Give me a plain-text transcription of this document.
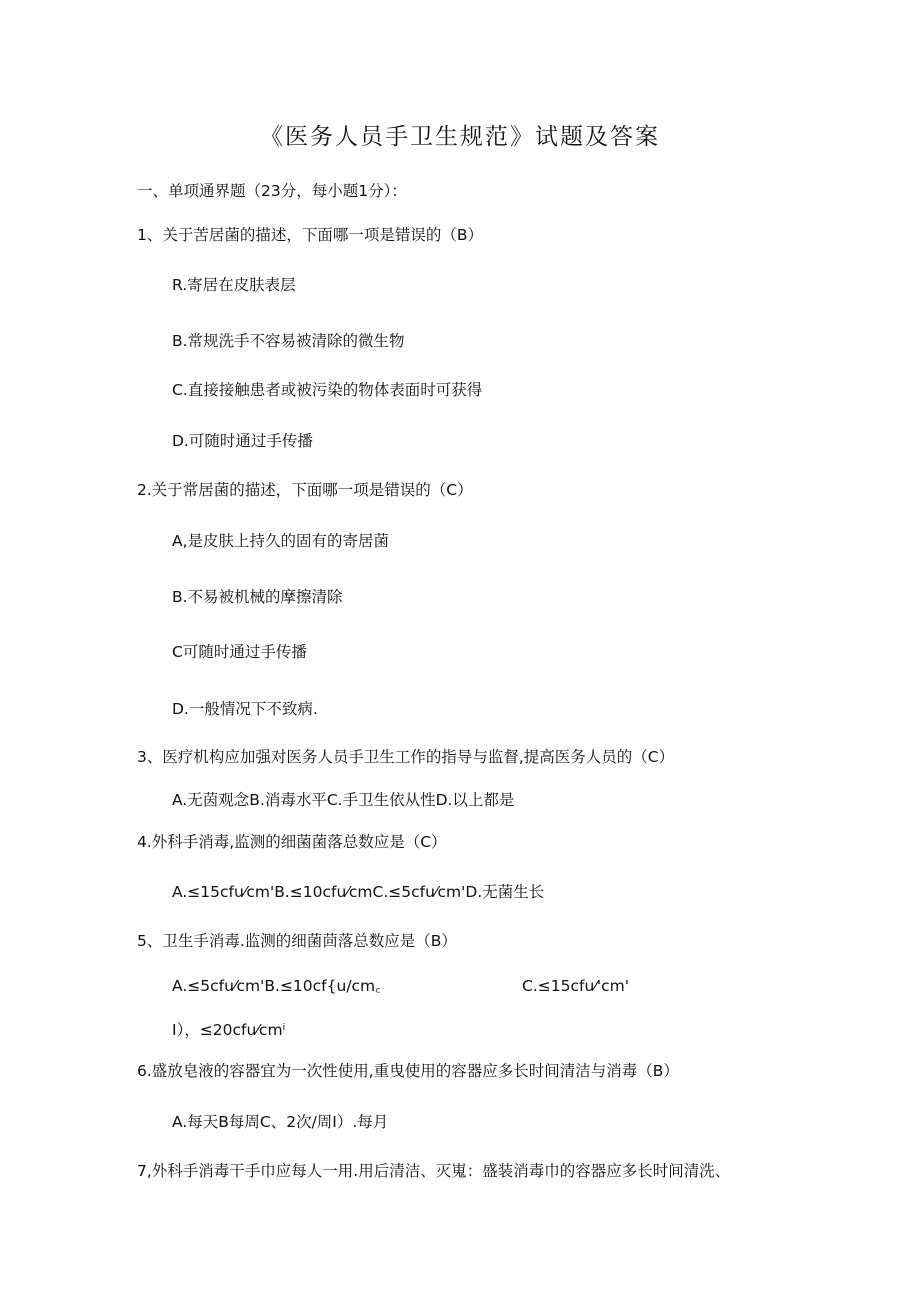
《医务人员手卫生规范》试题及答案
一、单项通界题（23分，每小题1分）：
1、关于苦居菌的描述，下面哪一项是错误的（B）
R.寄居在皮肤表层
B.常规洗手不容易被清除的微生物
C.直接接触患者或被污染的物体表面时可获得
D.可随时通过手传播
2.关于常居菌的描述，下面哪一项是错误的（C）
A,是皮肤上持久的固有的寄居菌
B.不易被机械的摩擦清除
C可随时通过手传播
D.一般情况下不致病.
3、医疗机构应加强对医务人员手卫生工作的指导与监督,提高医务人员的（C）
A.无茵观念B.消毒水平C.手卫生依从性D.以上都是
4.外科手消毒,监测的细菌菌落总数应是（C）
A.≤15cfu⁄cm'B.≤10cfu⁄cmC.≤5cfu⁄cm'D.无菌生长
5、卫生手消毒.监测的细菌茴落总数应是（B）
A.≤5cfu⁄cm'B.≤10cf{u/cm꜀	C.≤15cfu⁄'cm'
I），≤20cfu⁄cmⁱ
6.盛放皂液的容器宜为一次性使用,重曳使用的容器应多长时间清洁与消毒（B）
A.每天B每周C、2次/周I）.每月
7,外科手消毒干手巾应每人一用.用后清洁、灭嵬：盛装消毒巾的容器应多长时间清洗、
